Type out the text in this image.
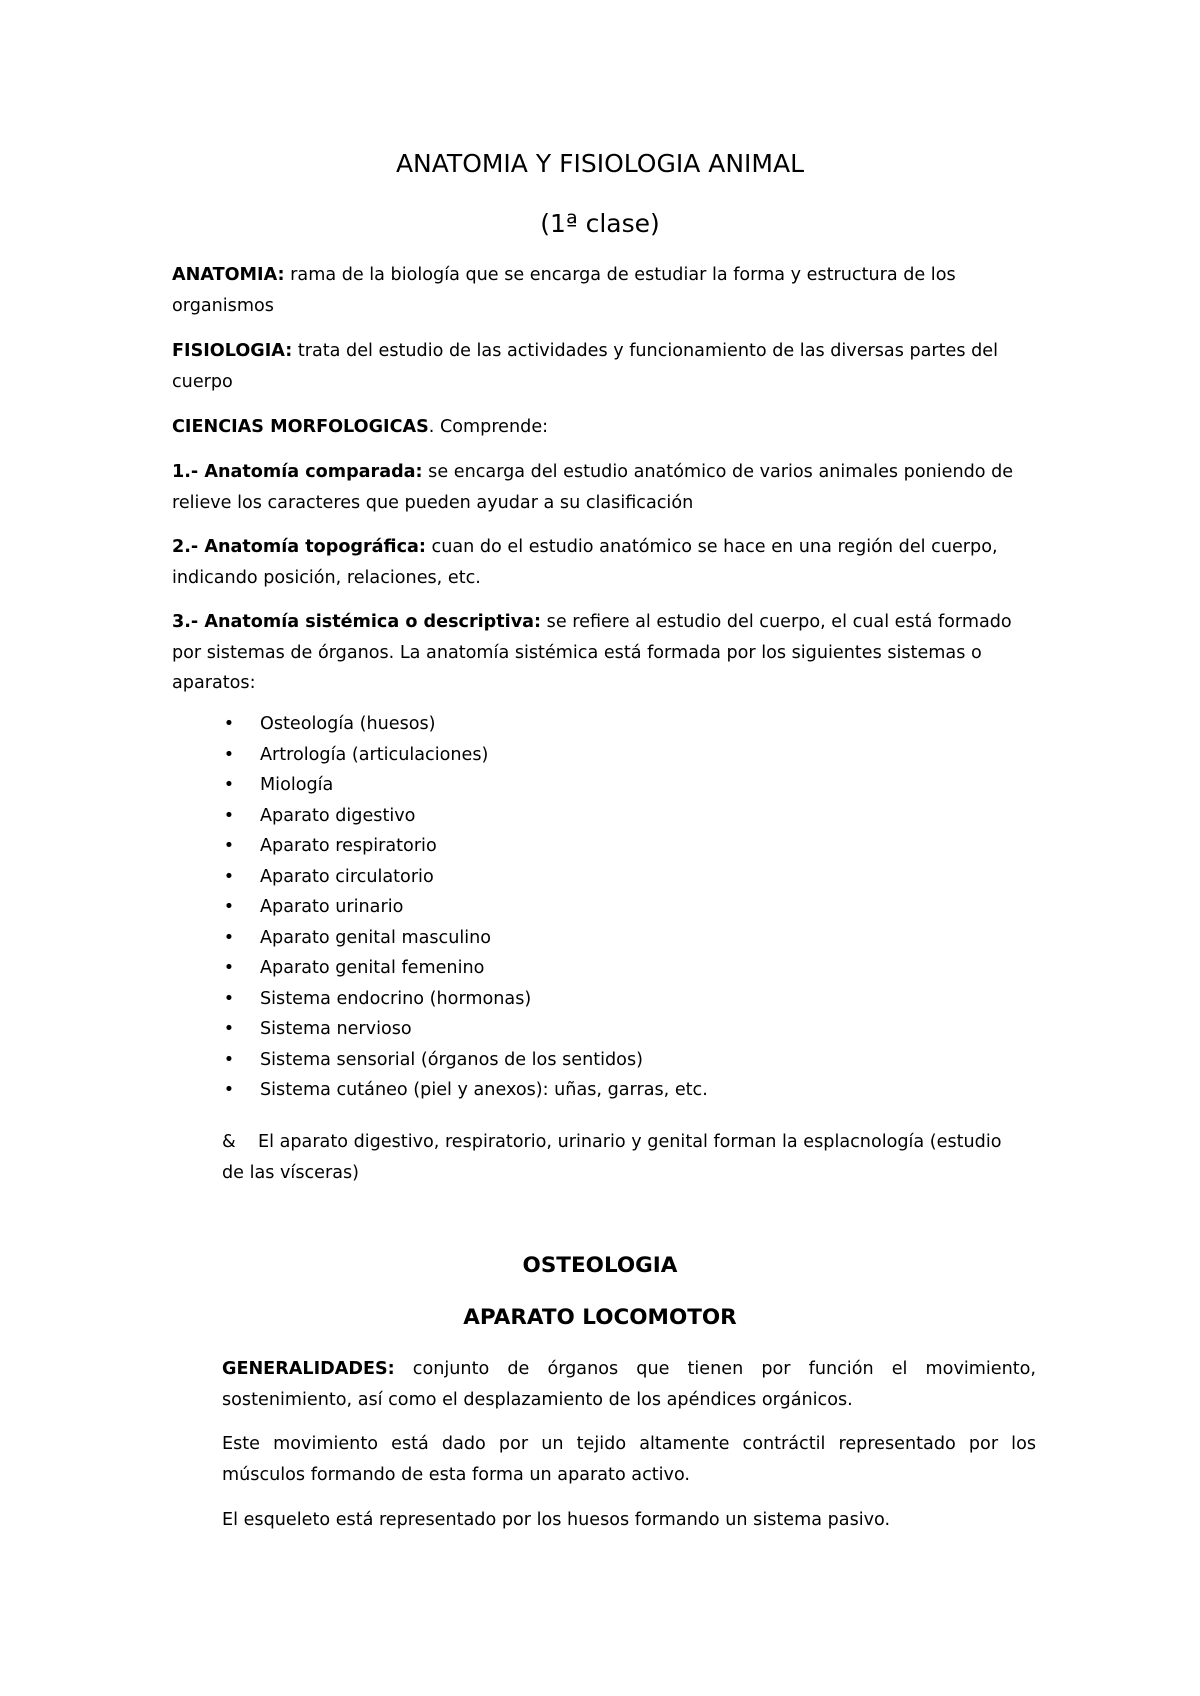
ANATOMIA Y FISIOLOGIA ANIMAL
(1ª clase)
ANATOMIA: rama de la biología que se encarga de estudiar la forma y estructura de los
organismos
FISIOLOGIA: trata del estudio de las actividades y funcionamiento de las diversas partes del
cuerpo
CIENCIAS MORFOLOGICAS. Comprende:
1.- Anatomía comparada: se encarga del estudio anatómico de varios animales poniendo de
relieve los caracteres que pueden ayudar a su clasificación
2.- Anatomía topográfica: cuan do el estudio anatómico se hace en una región del cuerpo,
indicando posición, relaciones, etc.
3.- Anatomía sistémica o descriptiva: se refiere al estudio del cuerpo, el cual está formado
por sistemas de órganos. La anatomía sistémica está formada por los siguientes sistemas o
aparatos:
• Osteología (huesos)
• Artrología (articulaciones)
• Miología
• Aparato digestivo
• Aparato respiratorio
• Aparato circulatorio
• Aparato urinario
• Aparato genital masculino
• Aparato genital femenino
• Sistema endocrino (hormonas)
• Sistema nervioso
• Sistema sensorial (órganos de los sentidos)
• Sistema cutáneo (piel y anexos): uñas, garras, etc.
& El aparato digestivo, respiratorio, urinario y genital forman la esplacnología (estudio
de las vísceras)
OSTEOLOGIA
APARATO LOCOMOTOR
GENERALIDADES: conjunto de órganos que tienen por función el movimiento,
sostenimiento, así como el desplazamiento de los apéndices orgánicos.
Este movimiento está dado por un tejido altamente contráctil representado por los
músculos formando de esta forma un aparato activo.
El esqueleto está representado por los huesos formando un sistema pasivo.
